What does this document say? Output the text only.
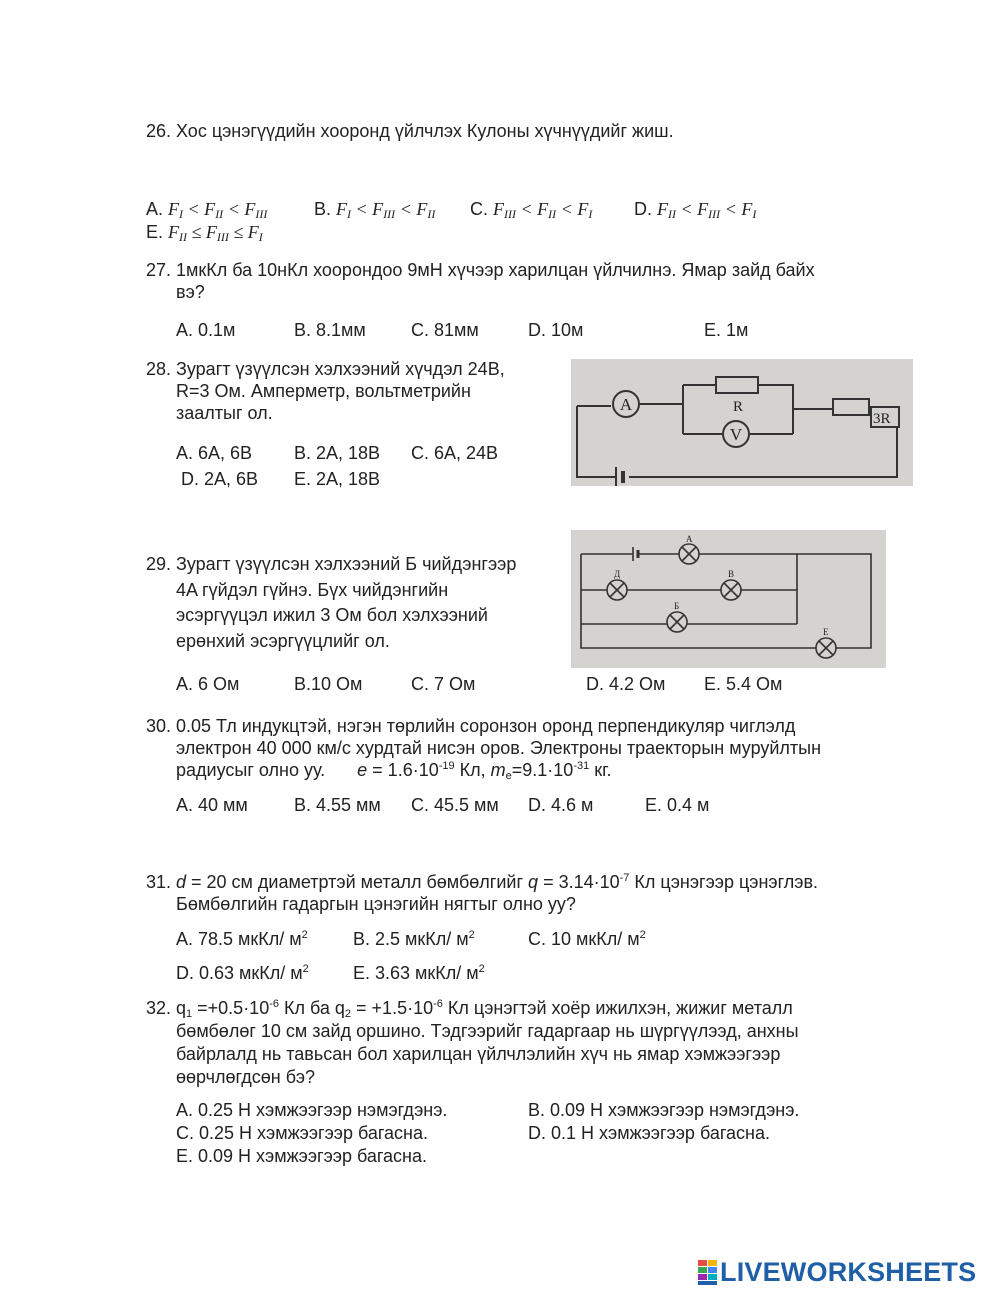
26. Хос цэнэгүүдийн хооронд үйлчлэх Кулоны хүчнүүдийг жиш.
A. FI < FII < FIII	B. FI < FIII < FII C. FIII < FII < FI D. FII < FIII < FI
E. FII ≤ FIII ≤ FI
27. 1мкКл ба 10нКл хоорондоо 9мН хүчээр харилцан үйлчилнэ. Ямар зайд байх
вэ?
A. 0.1м	B. 8.1мм	C. 81мм	D. 10м	E. 1м
28. Зурагт үзүүлсэн хэлхээний хүчдэл 24В,
R=3 Ом. Амперметр, вольтметрийн
заалтыг ол.
A. 6A, 6B B. 2A, 18B C. 6A, 24B
D. 2A, 6B E. 2A, 18B
A
V
R
3R
29. Зурагт үзүүлсэн хэлхээний Б чийдэнгээр
4A гүйдэл гүйнэ. Бүх чийдэнгийн
эсэргүүцэл ижил 3 Ом бол хэлхээний
ерөнхий эсэргүүцлийг ол.
A. 6 Ом	B.10 Ом	C. 7 Ом	D. 4.2 Ом E. 5.4 Ом
А
Д	В
Б
Е
30. 0.05 Тл индукцтэй, нэгэн төрлийн соронзон оронд перпендикуляр чиглэлд
электрон 40 000 км/с хурдтай нисэн оров. Электроны траекторын муруйлтын
радиусыг олно уу. $e = 1.6\cdot 10^{-19}$ Кл, $m_e=9.1\cdot 10^{-31}$ кг.
A. 40 мм	B. 4.55 мм C. 45.5 мм D. 4.6 м	E. 0.4 м
31. d = 20 см диаметртэй металл бөмбөлгийг $q = 3.14\cdot 10^{-7}$ Кл цэнэгээр цэнэглэв.
Бөмбөлгийн гадаргын цэнэгийн нягтыг олно уу?
A. 78.5 мкКл/ $м^2$	B. 2.5 мкКл/ $м^2$	C. 10 мкКл/ $м^2$
D. 0.63 мкКл/ $м^2$ E. 3.63 мкКл/ $м^2$
32. $q_1 =+0.5\cdot 10^{-6}$ Кл ба $q_2 = +1.5\cdot 10^{-6}$ Кл цэнэгтэй хоёр ижилхэн, жижиг металл
бөмбөлөг 10 см зайд оршино. Тэдгээрийг гадаргаар нь шүргүүлээд, анхны
байрлалд нь тавьсан бол харилцан үйлчлэлийн хүч нь ямар хэмжээгээр
өөрчлөгдсөн бэ?
A. 0.25 Н хэмжээгээр нэмэгдэнэ.	B. 0.09 Н хэмжээгээр нэмэгдэнэ.
C. 0.25 Н хэмжээгээр багасна.	D. 0.1 Н хэмжээгээр багасна.
E. 0.09 Н хэмжээгээр багасна.
LIVEWORKSHEETS
